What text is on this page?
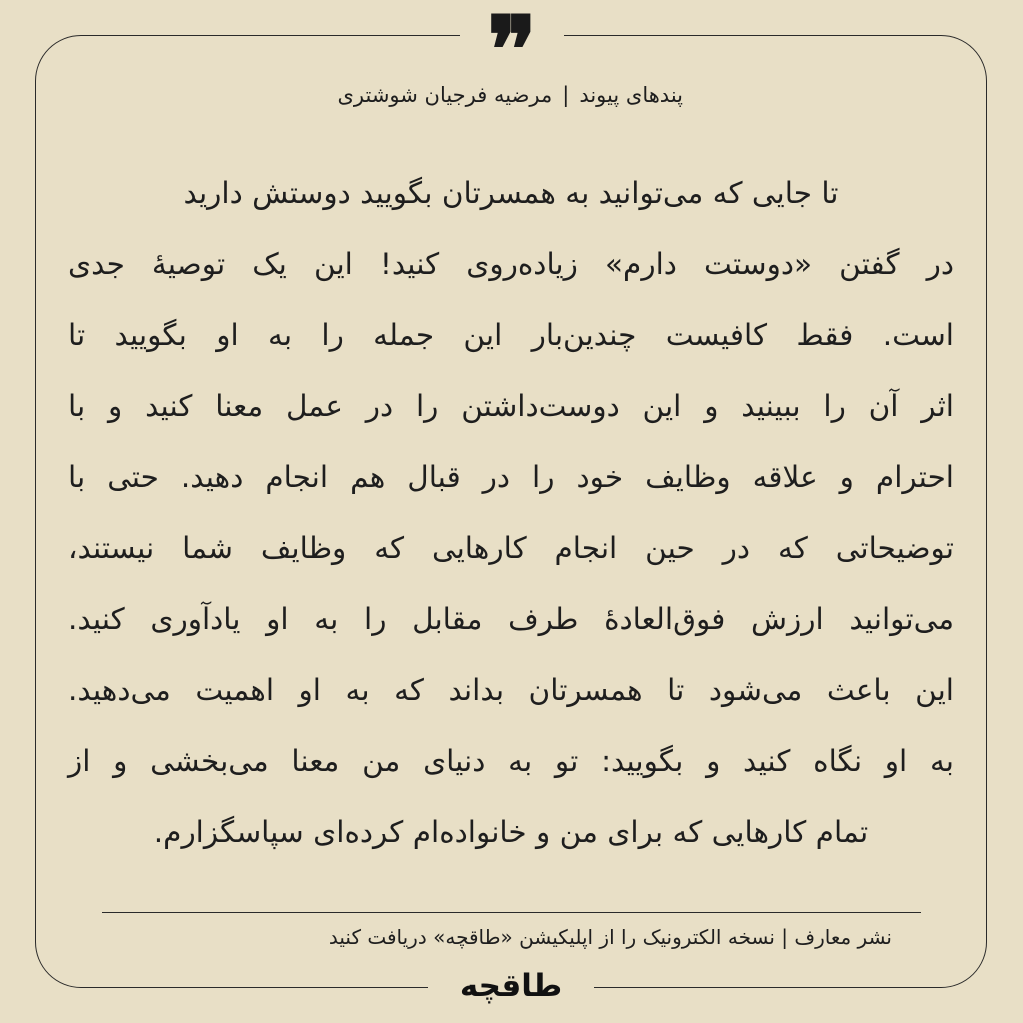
❞	پندهای پیوند|مرضیه فرجیان شوشتری
تا جایی که می‌توانید به همسرتان بگویید دوستش دارید
در گفتن «دوستت دارم» زیاده‌روی کنید! این یک توصیهٔ جدی
است. فقط کافیست چندین‌بار این جمله را به او بگویید تا
اثر آن را ببینید و این دوست‌داشتن را در عمل معنا کنید و با
احترام و علاقه وظایف خود را در قبال هم انجام دهید. حتی با
توضیحاتی که در حین انجام کارهایی که وظایف شما نیستند،
می‌توانید ارزش فوق‌العادهٔ طرف مقابل را به او یادآوری کنید.
این باعث می‌شود تا همسرتان بداند که به او اهمیت می‌دهید.
به او نگاه کنید و بگویید: تو به دنیای من معنا می‌بخشی و از
تمام کارهایی که برای من و خانواده‌ام کرده‌ای سپاسگزارم.
نشر معارف | نسخه الکترونیک را از اپلیکیشن «طاقچه» دریافت کنید
طاقچه
